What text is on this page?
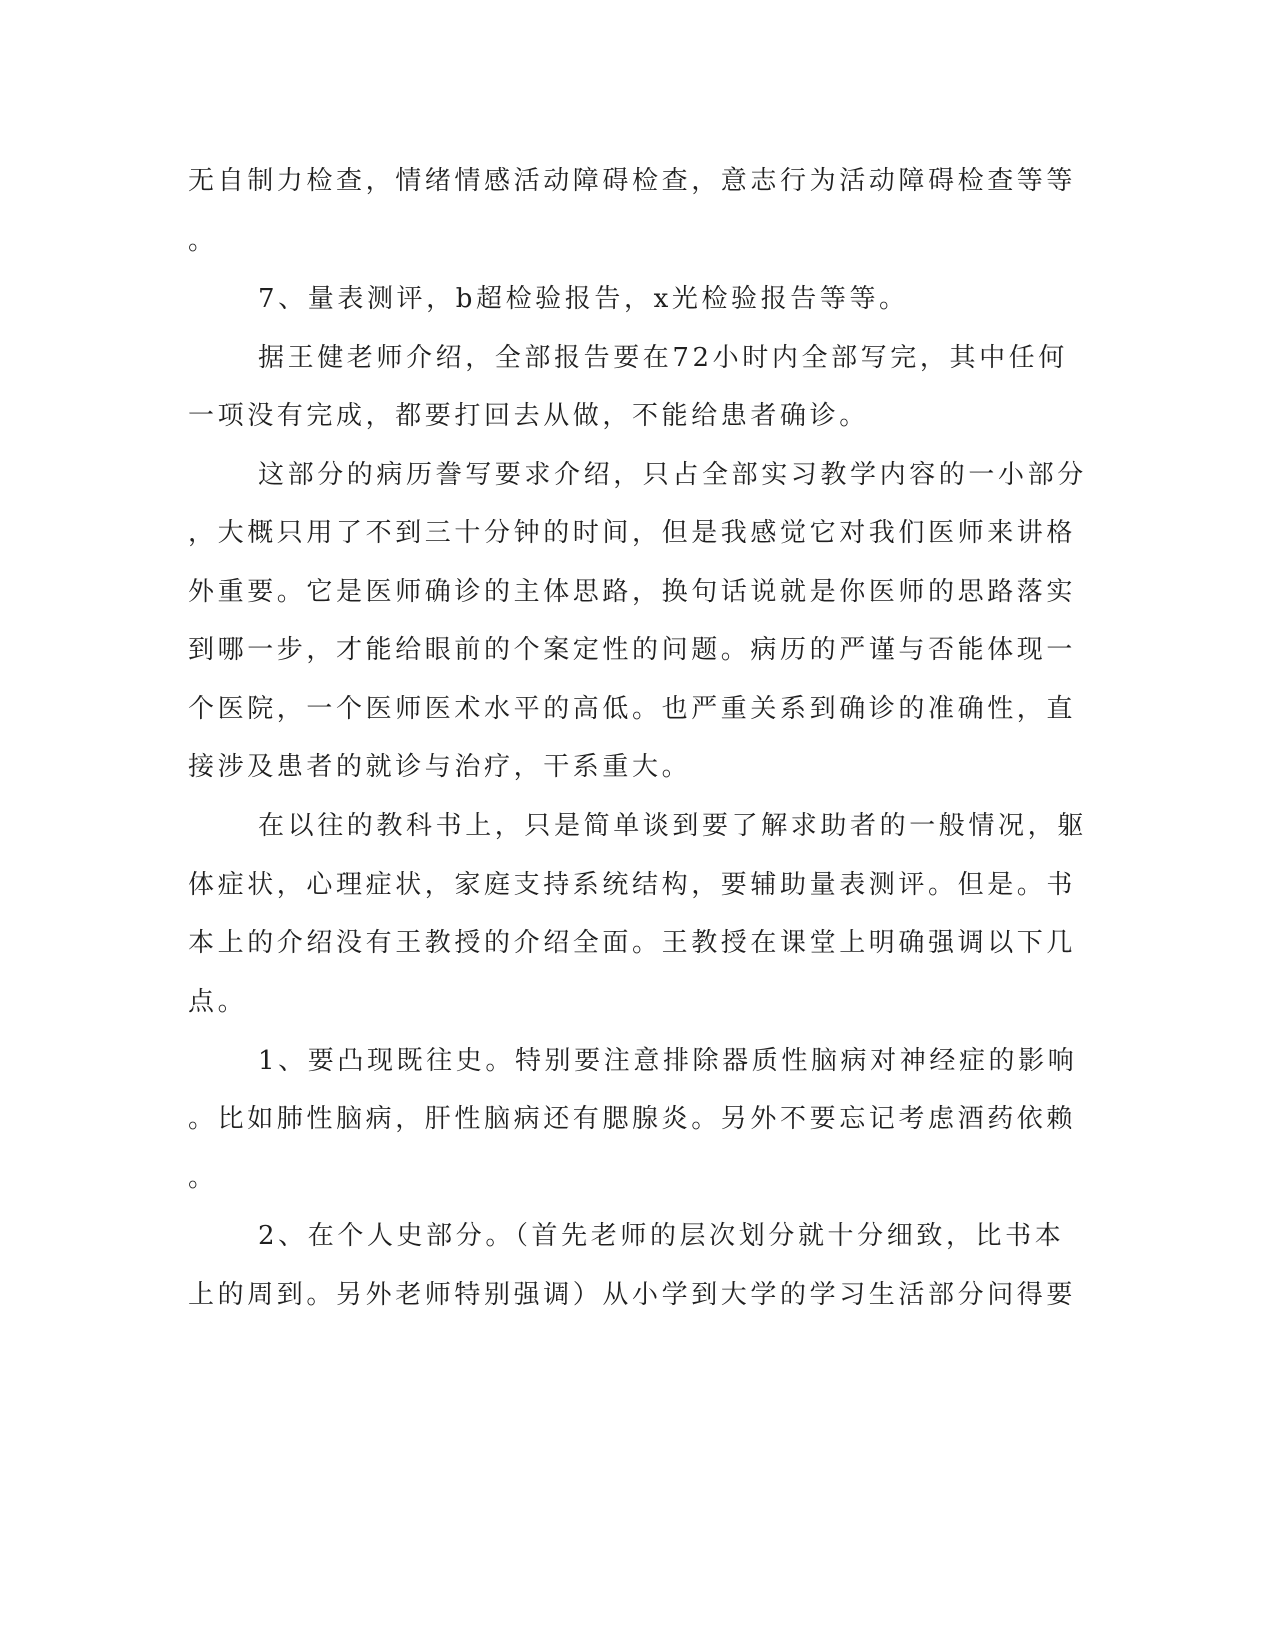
无自制力检查，情绪情感活动障碍检查，意志行为活动障碍检查等等

。

7、量表测评，b超检验报告，x光检验报告等等。

据王健老师介绍，全部报告要在72小时内全部写完，其中任何

一项没有完成，都要打回去从做，不能给患者确诊。

这部分的病历誊写要求介绍，只占全部实习教学内容的一小部分

，大概只用了不到三十分钟的时间，但是我感觉它对我们医师来讲格

外重要。它是医师确诊的主体思路，换句话说就是你医师的思路落实

到哪一步，才能给眼前的个案定性的问题。病历的严谨与否能体现一

个医院，一个医师医术水平的高低。也严重关系到确诊的准确性，直

接涉及患者的就诊与治疗，干系重大。

在以往的教科书上，只是简单谈到要了解求助者的一般情况，躯

体症状，心理症状，家庭支持系统结构，要辅助量表测评。但是。书

本上的介绍没有王教授的介绍全面。王教授在课堂上明确强调以下几

点。

1、要凸现既往史。特别要注意排除器质性脑病对神经症的影响

。比如肺性脑病，肝性脑病还有腮腺炎。另外不要忘记考虑酒药依赖

。

2、在个人史部分。（首先老师的层次划分就十分细致，比书本

上的周到。另外老师特别强调）从小学到大学的学习生活部分问得要
